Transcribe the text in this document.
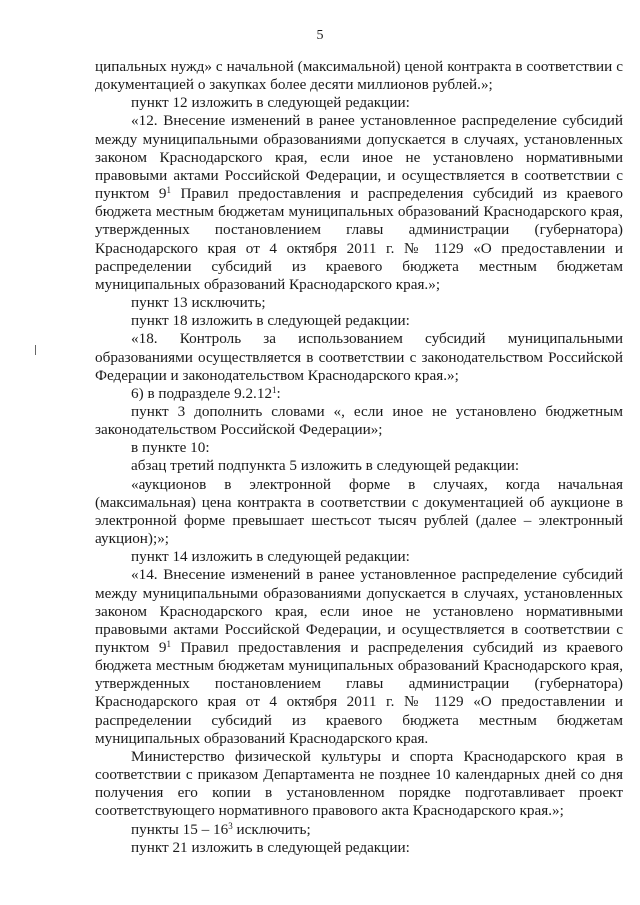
5

ципальных нужд» с начальной (максимальной) ценой контракта в соответствии с документацией о закупках более десяти миллионов рублей.»;

пункт 12 изложить в следующей редакции:

«12. Внесение изменений в ранее установленное распределение субсидий между муниципальными образованиями допускается в случаях, установленных законом Краснодарского края, если иное не установлено нормативными правовыми актами Российской Федерации, и осуществляется в соответствии с пунктом $9^1$ Правил предоставления и распределения субсидий из краевого бюджета местным бюджетам муниципальных образований Краснодарского края, утвержденных постановлением главы администрации (губернатора) Краснодарского края от 4 октября 2011 г. № 1129 «О предоставлении и распределении субсидий из краевого бюджета местным бюджетам муниципальных образований Краснодарского края.»;

пункт 13 исключить;

пункт 18 изложить в следующей редакции:

«18. Контроль за использованием субсидий муниципальными образованиями осуществляется в соответствии с законодательством Российской Федерации и законодательством Краснодарского края.»;

6) в подразделе 9.2.12$^1$:

пункт 3 дополнить словами «, если иное не установлено бюджетным законодательством Российской Федерации»;

в пункте 10:

абзац третий подпункта 5 изложить в следующей редакции:

«аукционов в электронной форме в случаях, когда начальная (максимальная) цена контракта в соответствии с документацией об аукционе в электронной форме превышает шестьсот тысяч рублей (далее – электронный аукцион);»;

пункт 14 изложить в следующей редакции:

«14. Внесение изменений в ранее установленное распределение субсидий между муниципальными образованиями допускается в случаях, установленных законом Краснодарского края, если иное не установлено нормативными правовыми актами Российской Федерации, и осуществляется в соответствии с пунктом $9^1$ Правил предоставления и распределения субсидий из краевого бюджета местным бюджетам муниципальных образований Краснодарского края, утвержденных постановлением главы администрации (губернатора) Краснодарского края от 4 октября 2011 г. № 1129 «О предоставлении и распределении субсидий из краевого бюджета местным бюджетам муниципальных образований Краснодарского края.

Министерство физической культуры и спорта Краснодарского края в соответствии с приказом Департамента не позднее 10 календарных дней со дня получения его копии в установленном порядке подготавливает проект соответствующего нормативного правового акта Краснодарского края.»;

пункты $15 - 16^3$ исключить;

пункт 21 изложить в следующей редакции:
